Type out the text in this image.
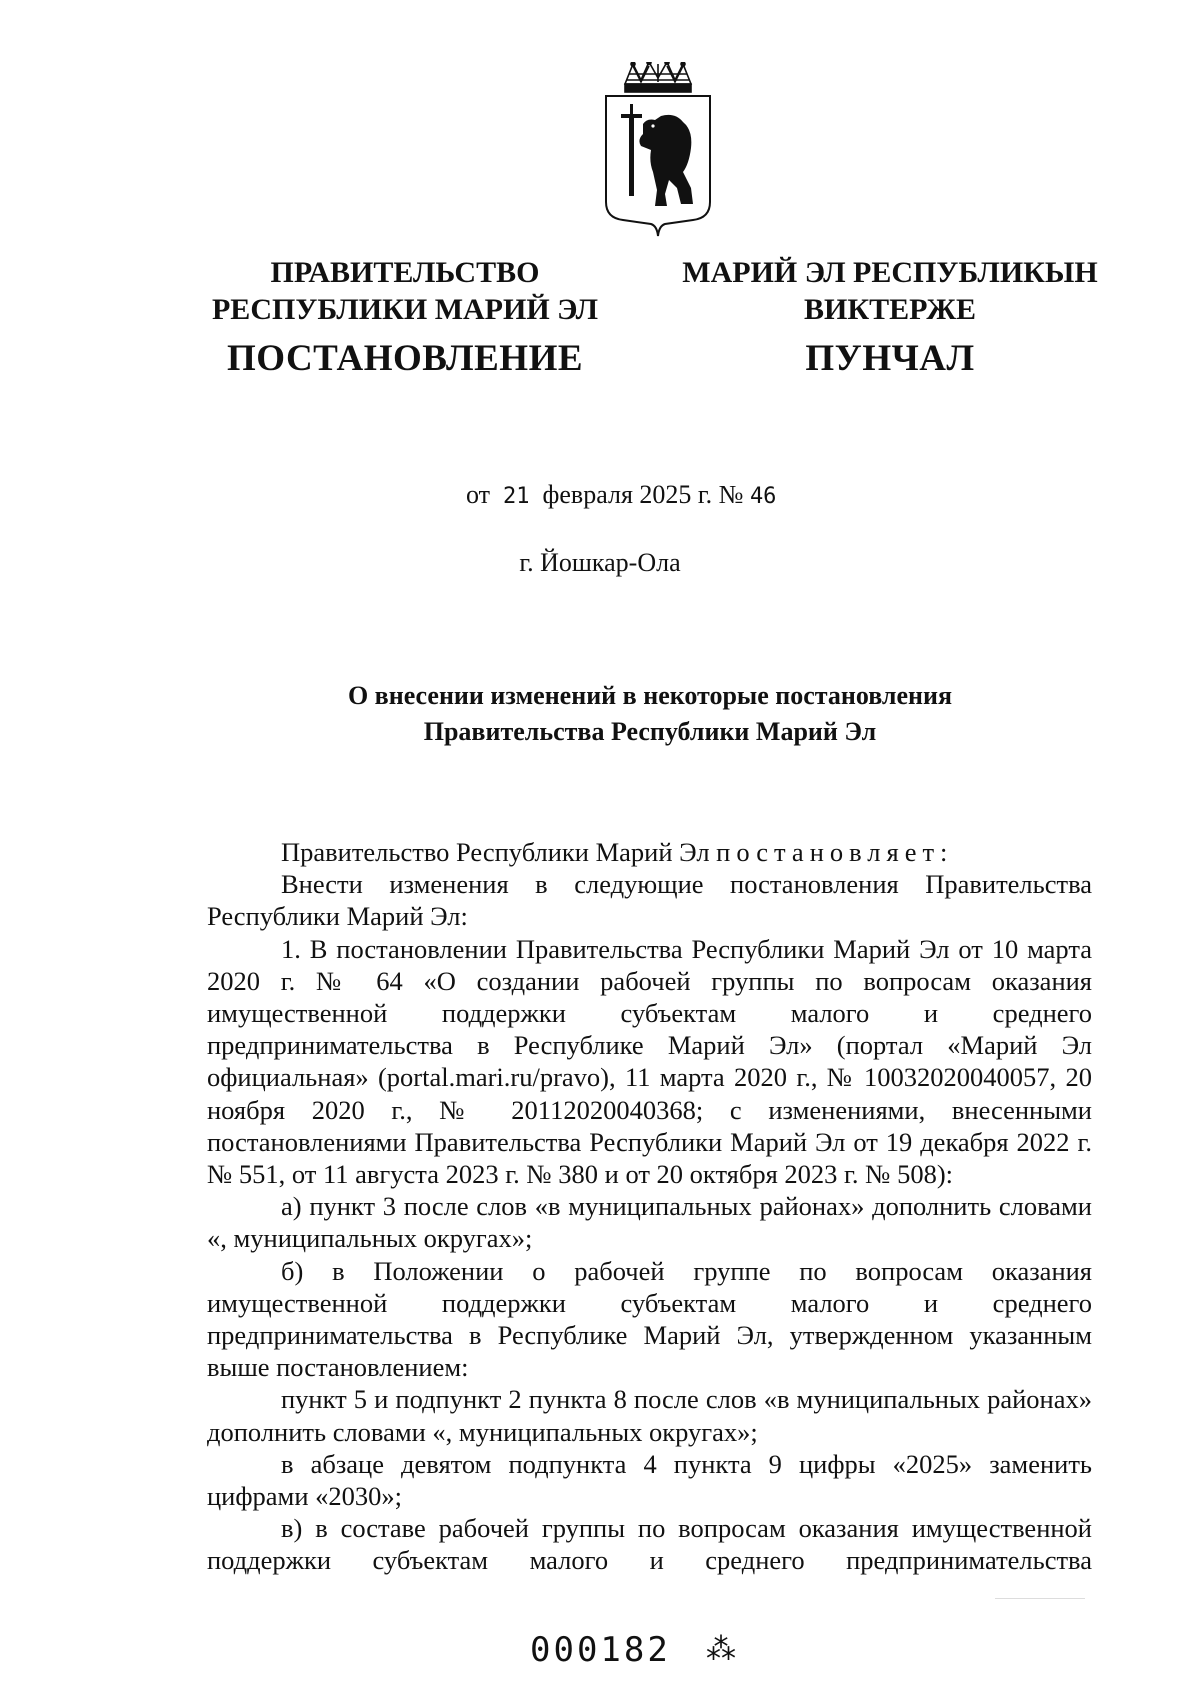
ПРАВИТЕЛЬСТВО
РЕСПУБЛИКИ МАРИЙ ЭЛ
ПОСТАНОВЛЕНИЕ
МАРИЙ ЭЛ РЕСПУБЛИКЫН
ВИКТЕРЖЕ
ПУНЧАЛ
от 21 февраля 2025 г. № 46
г. Йошкар-Ола
О внесении изменений в некоторые постановления
Правительства Республики Марий Эл

Правительство Республики Марий Эл постановляет:

Внести изменения в следующие постановления Правительства Республики Марий Эл:

1. В постановлении Правительства Республики Марий Эл от 10 марта 2020 г. № 64 «О создании рабочей группы по вопросам оказания имущественной поддержки субъектам малого и среднего предпринимательства в Республике Марий Эл» (портал «Марий Эл официальная» (portal.mari.ru/pravo), 11 марта 2020 г., № 10032020040057, 20 ноября 2020 г., № 20112020040368; с изменениями, внесенными постановлениями Правительства Республики Марий Эл от 19 декабря 2022 г. № 551, от 11 августа 2023 г. № 380 и от 20 октября 2023 г. № 508):

а) пункт 3 после слов «в муниципальных районах» дополнить словами «, муниципальных округах»;

б) в Положении о рабочей группе по вопросам оказания имущественной поддержки субъектам малого и среднего предпринимательства в Республике Марий Эл, утвержденном указанным выше постановлением:

пункт 5 и подпункт 2 пункта 8 после слов «в муниципальных районах» дополнить словами «, муниципальных округах»;

в абзаце девятом подпункта 4 пункта 9 цифры «2025» заменить цифрами «2030»;

в) в составе рабочей группы по вопросам оказания имущественной поддержки субъектам малого и среднего предпринимательства

000182 ⁂
